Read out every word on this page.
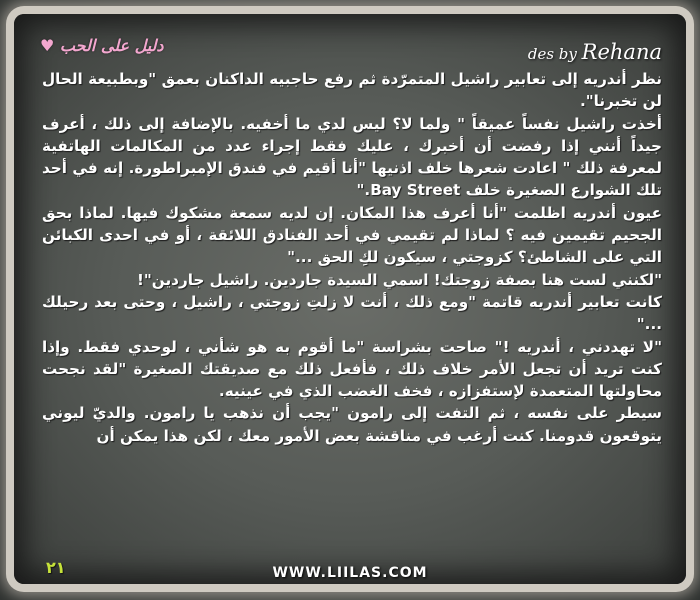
دليل على الحب ♥	des by Rehana

نظر أندريه إلى تعابير راشيل المتمرّدة ثم رفع حاجبيه الداكنان بعمق "وبطبيعة الحال لن تخبرنا".

أخذت راشيل نفساً عميقاً " ولما لا؟ ليس لدي ما أخفيه. بالإضافة إلى ذلك ، أعرف جيداً أنني إذا رفضت أن أخبرك ، عليك فقط إجراء عدد من المكالمات الهاتفية لمعرفة ذلك " اعادت شعرها خلف اذنيها "أنا أقيم في فندق الإمبراطورة. إنه في أحد تلك الشوارع الصغيرة خلف Bay Street."

عيون أندريه اظلمت "أنا أعرف هذا المكان. إن لديه سمعة مشكوك فيها. لماذا بحق الجحيم تقيمين فيه ؟ لماذا لم تقيمي في أحد الفنادق اللائقة ، أو في احدى الكبائن التي على الشاطئ؟ كزوجتي ، سيكون لكِ الحق ..."

"لكنني لست هنا بصفة زوجتك! اسمي السيدة جاردين. راشيل جاردين"!

كانت تعابير أندريه قاتمة "ومع ذلك ، أنت لا زلتِ زوجتي ، راشيل ، وحتى بعد رحيلك ..."

"لا تهددني ، أندريه !" صاحت بشراسة "ما أقوم به هو شأني ، لوحدي فقط. وإذا كنت تريد أن تجعل الأمر خلاف ذلك ، فأفعل ذلك مع صديقتك الصغيرة "لقد نجحت محاولتها المتعمدة لإستفزازه ، فخف الغضب الذي في عينيه.

سيطر على نفسه ، ثم التفت إلى رامون "يجب أن نذهب يا رامون. والديّ ليوني يتوقعون قدومنا. كنت أرغب في مناقشة بعض الأمور معك ، لكن هذا يمكن أن

٢١	WWW.LIILAS.COM
